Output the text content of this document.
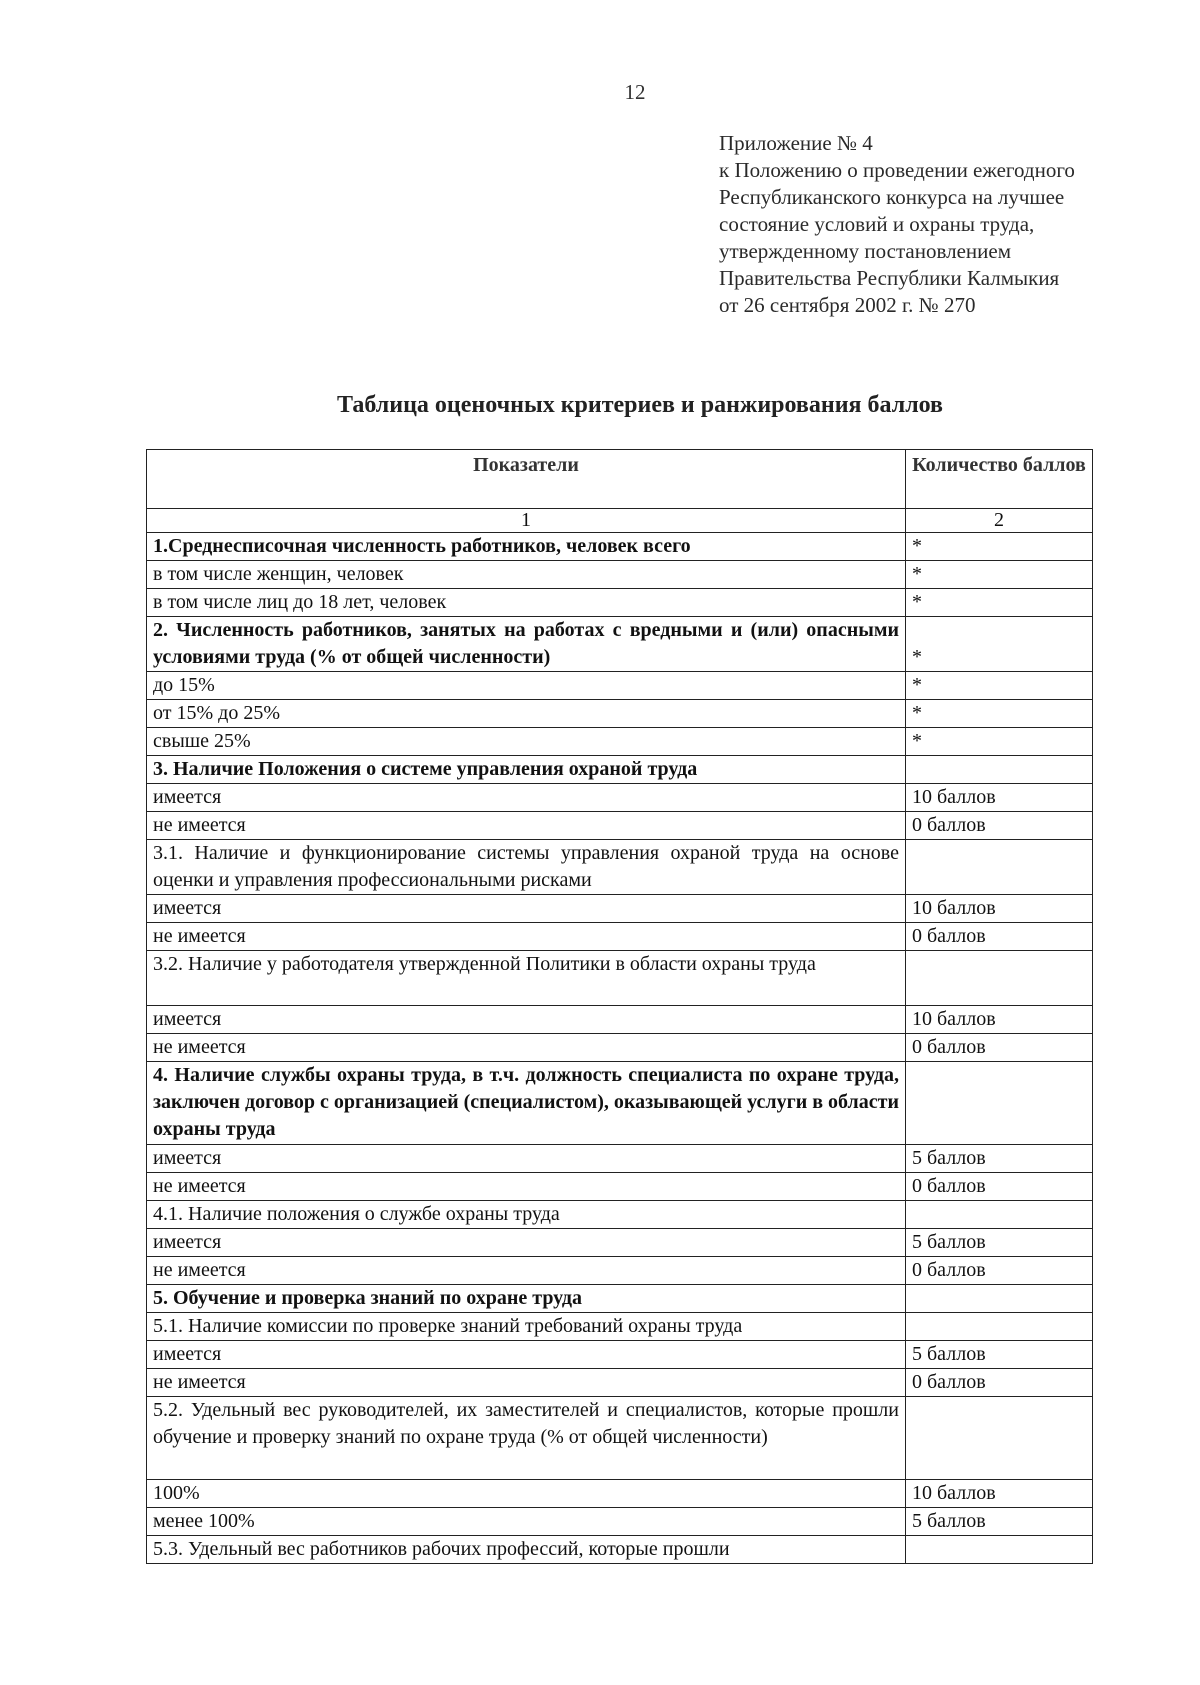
12
Приложение № 4
к Положению о проведении ежегодного
Республиканского конкурса на лучшее
состояние условий и охраны труда,
утвержденному постановлением
Правительства Республики Калмыкия
от 26 сентября 2002 г. № 270
Таблица оценочных критериев и ранжирования баллов
Показатели	Количество баллов
1	2
1.Среднесписочная численность работников, человек всего	*
в том числе женщин, человек	*
в том числе лиц до 18 лет, человек	*
2. Численность работников, занятых на работах с вредными и (или) опасными условиями труда (% от общей численности)	*
до 15%	*
от 15% до 25%	*
свыше 25%	*
3. Наличие Положения о системе управления охраной труда	
имеется	10 баллов
не имеется	0 баллов
3.1. Наличие и функционирование системы управления охраной труда на основе оценки и управления профессиональными рисками	
имеется	10 баллов
не имеется	0 баллов
3.2. Наличие у работодателя утвержденной Политики в области охраны труда	
имеется	10 баллов
не имеется	0 баллов
4. Наличие службы охраны труда, в т.ч. должность специалиста по охране труда, заключен договор с организацией (специалистом), оказывающей услуги в области охраны труда	
имеется	5 баллов
не имеется	0 баллов
4.1. Наличие положения о службе охраны труда	
имеется	5 баллов
не имеется	0 баллов
5. Обучение и проверка знаний по охране труда	
5.1. Наличие комиссии по проверке знаний требований охраны труда	
имеется	5 баллов
не имеется	0 баллов
5.2. Удельный вес руководителей, их заместителей и специалистов, которые прошли обучение и проверку знаний по охране труда (% от общей численности)	
100%	10 баллов
менее 100%	5 баллов
5.3. Удельный вес работников рабочих профессий, которые прошли	
